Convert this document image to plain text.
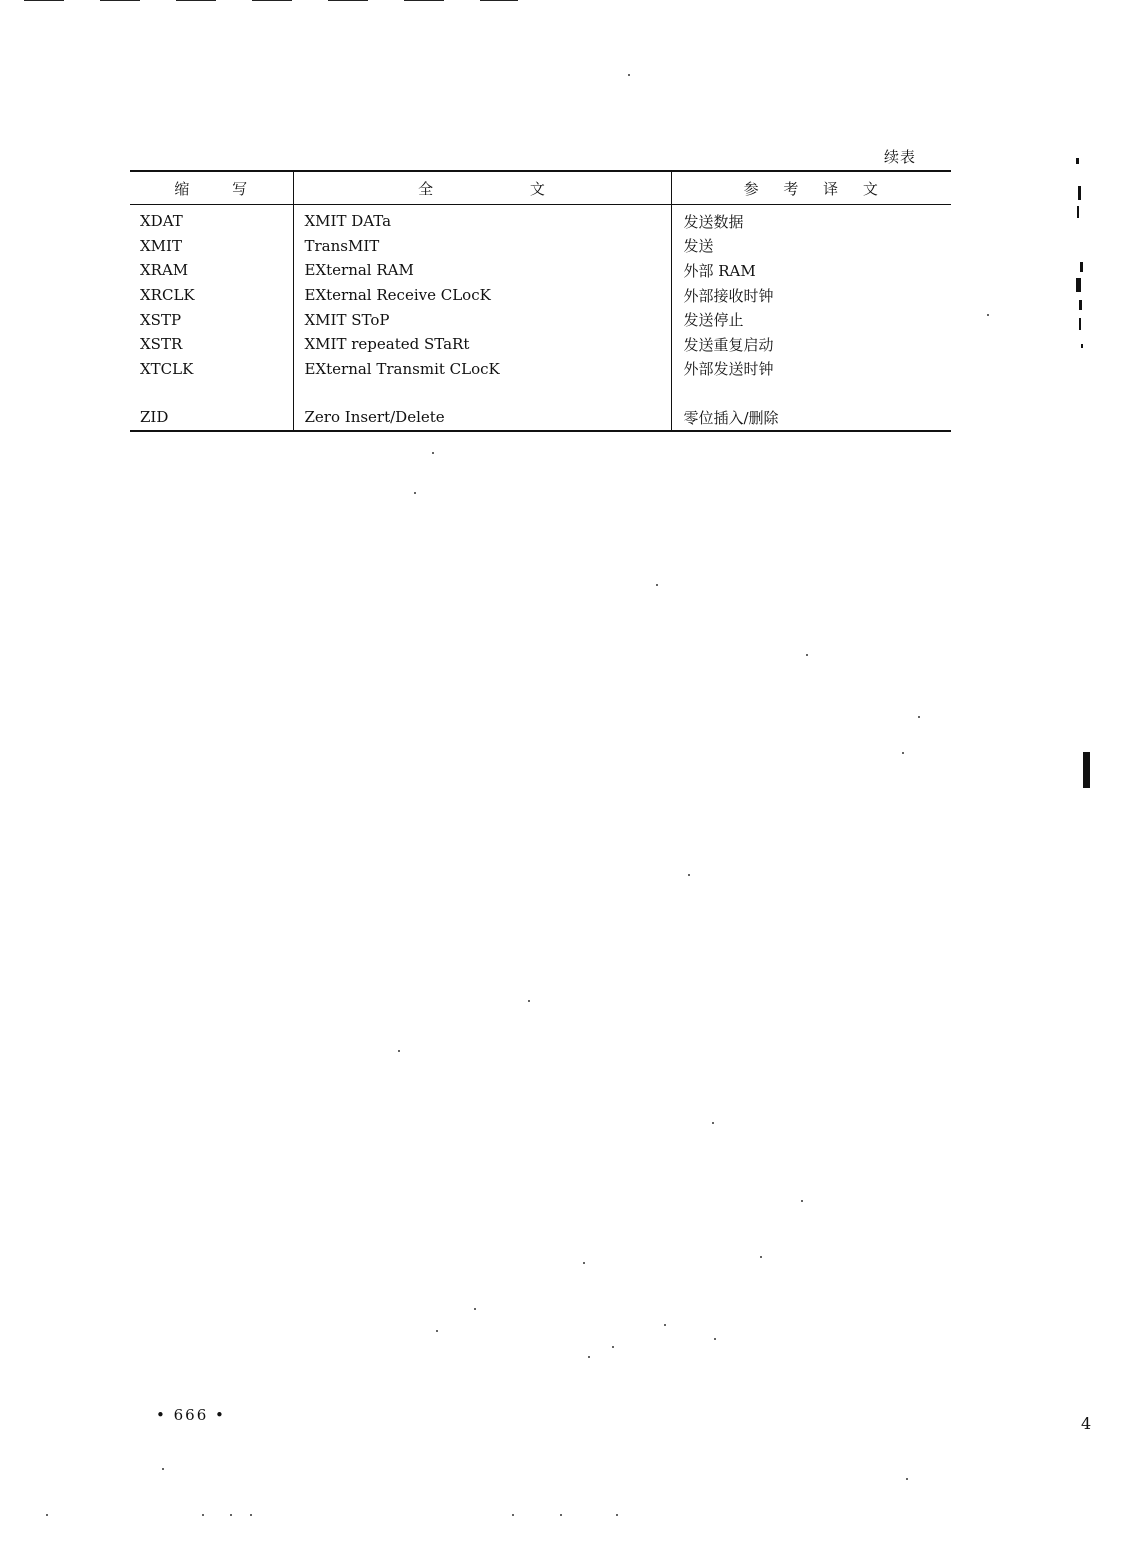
续表
缩 写	全 文	参 考 译 文
XDAT	XMIT DATa	发送数据
XMIT	TransMIT	发送
XRAM	EXternal RAM	外部 RAM
XRCLK	EXternal Receive CLocK	外部接收时钟
XSTP	XMIT SToP	发送停止
XSTR	XMIT repeated STaRt	发送重复启动
XTCLK	EXternal Transmit CLocK	外部发送时钟

ZID	Zero Insert/Delete	零位插入/删除
• 666 •	4
